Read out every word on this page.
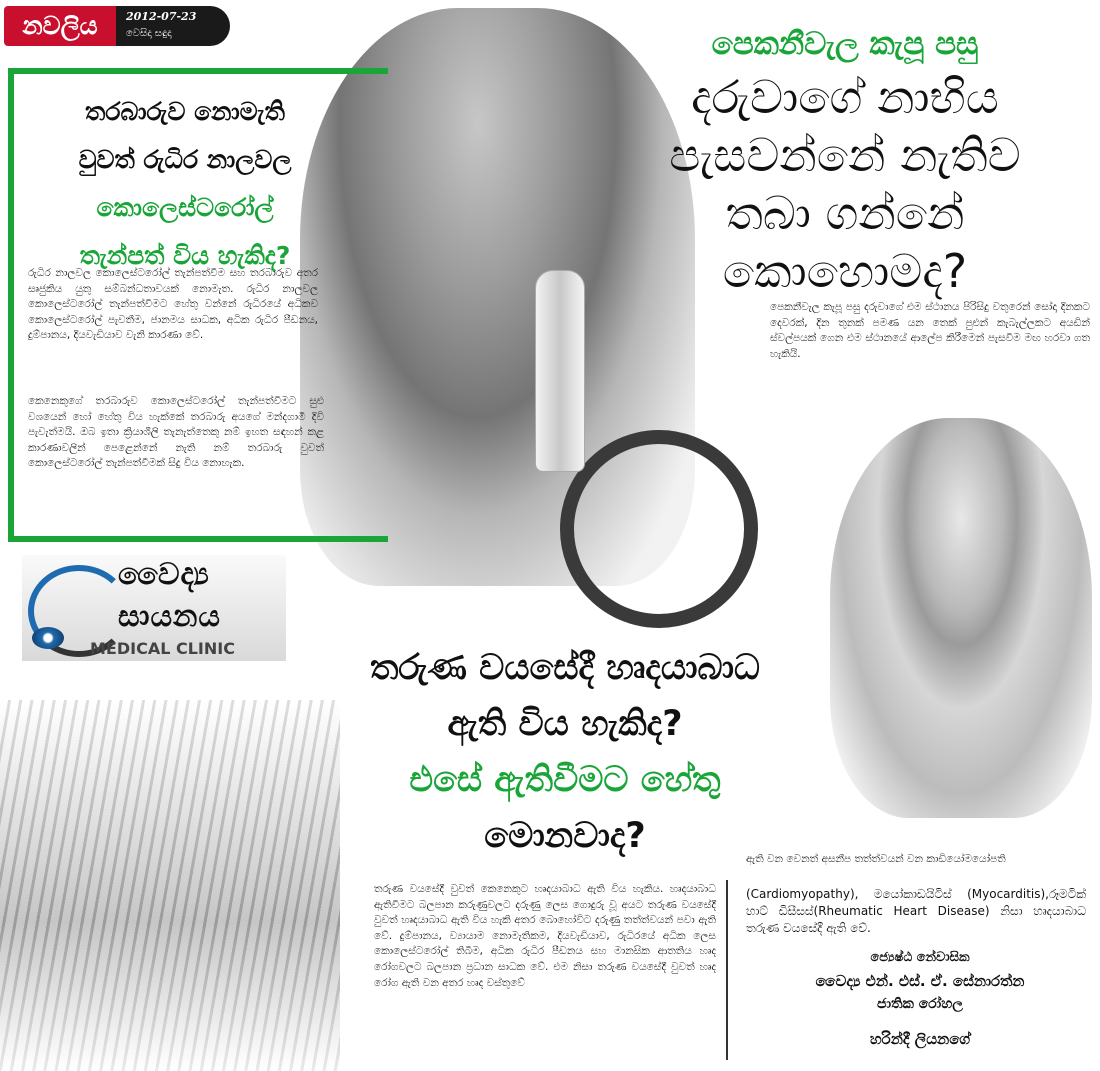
නවලිය	2012-07-23
වෙසිදා සඳුදා
තරබාරුව නොමැති
වුවත් රුධිර නාලවල
කොලෙස්ටරෝල්
තැන්පත් විය හැකිද?
රුධිර නාලවල කොලෙස්ටරෝල් තැන්පත්වීම සහ තරබාරුව අතර සෘජුකිය යුතු සම්බන්ධතාවයක් නොමැත. රුධිර නාලවල කොලෙස්ටරෝල් තැන්පත්වීමට හේතු වන්නේ රුධිරයේ අධිකව කොලෙස්ටරෝල් පැවතීම, ජානමය සාධක, අධික රුධිර පීඩනය, දුම්පානය, දියවැඩියාව වැනි කාරණා වේ.
කෙනෙකුගේ තරබාරුව කොලෙස්ටරෝල් තැන්පත්වීමට සුළු වශයෙන් හෝ හේතු විය හැක්කේ තරබාරු අයගේ මන්දගාමී දිවි පැවැත්මයි. ඔබ ඉතා ක්‍රියාශීලි තැනැත්තෙකු නම් ඉහත සඳහන් කළ කාරණාවලින් පෙළෙන්නේ නැති නම් තරබාරු වුවත් කොලෙස්ටරෝල් තැන්පත්වීමක් සිදු විය නොහැක.
පෙකනීවැල කැපූ පසු
දරුවාගේ නාභිය
පැසවන්නේ නැතිව
තබා ගන්නේ
කොහොමද?
පෙකනීවැල කැපූ පසු දරුවාගේ එම ස්ථානය පිරිසිදු වතුරෙන් සෝදා දිනකට දෙවරක්, දින තුනක් පමණ යන තෙක් පුළුන් කැබැල්ලකට අයඩින් ස්වල්පයක් ගෙන එම ස්ථානයේ ආලේප කිරීමෙන් පැසවීම මඟ හරවා ගත හැකියි.
වෛද්‍ය
සායනය
MEDICAL CLINIC	තරුණ වයසේදී හෘදයාබාධ
ඇති විය හැකිද?
එසේ ඇතිවීමට හේතු
මොනවාද?
තරුණ වයසේදී වුවත් කෙනෙකුට හෘදයාබාධ ඇති විය හැකිය. හෘදයාබාධ ඇතිවීමට බලපාන කරුණුවලට දරුණු ලෙස ගොදුරු වූ අයට තරුණ වයසේදී වුවත් හෘදයාබාධ ඇති විය හැකි අතර බොහෝවිට දරුණු තත්ත්වයන් පවා ඇති වේ. දුම්පානය, ව්‍යායාම නොමැතිකම, දියවැඩියාව, රුධිරයේ අධික ලෙස කොලෙස්ටරෝල් තිබීම, අධික රුධිර පීඩනය සහ මානසික ආතතිය හෘද රෝගවලට බලපාන ප්‍රධාන සාධක වේ. එම නිසා තරුණ වයසේදී වුවත් හෘද රෝග ඇති වන අතර හෘද වස්තුවේ
ඇති වන වෙනත් අසනීප තත්ත්වයන් වන කාඩියෝමයෝපති
(Cardiomyopathy), මයෝකාඩයිටිස් (Myocarditis),රූමටික් හාට් ඩිසීසස්(Rheumatic Heart Disease) නිසා හෘදයාබාධ තරුණ වයසේදී ඇති වේ.
ජ්‍යෙෂ්ඨ නේවාසික
වෛද්‍ය එන්. එස්. ඒ. සේනාරත්න
ජාතික රෝහල
හරින්දී ලියනගේ
